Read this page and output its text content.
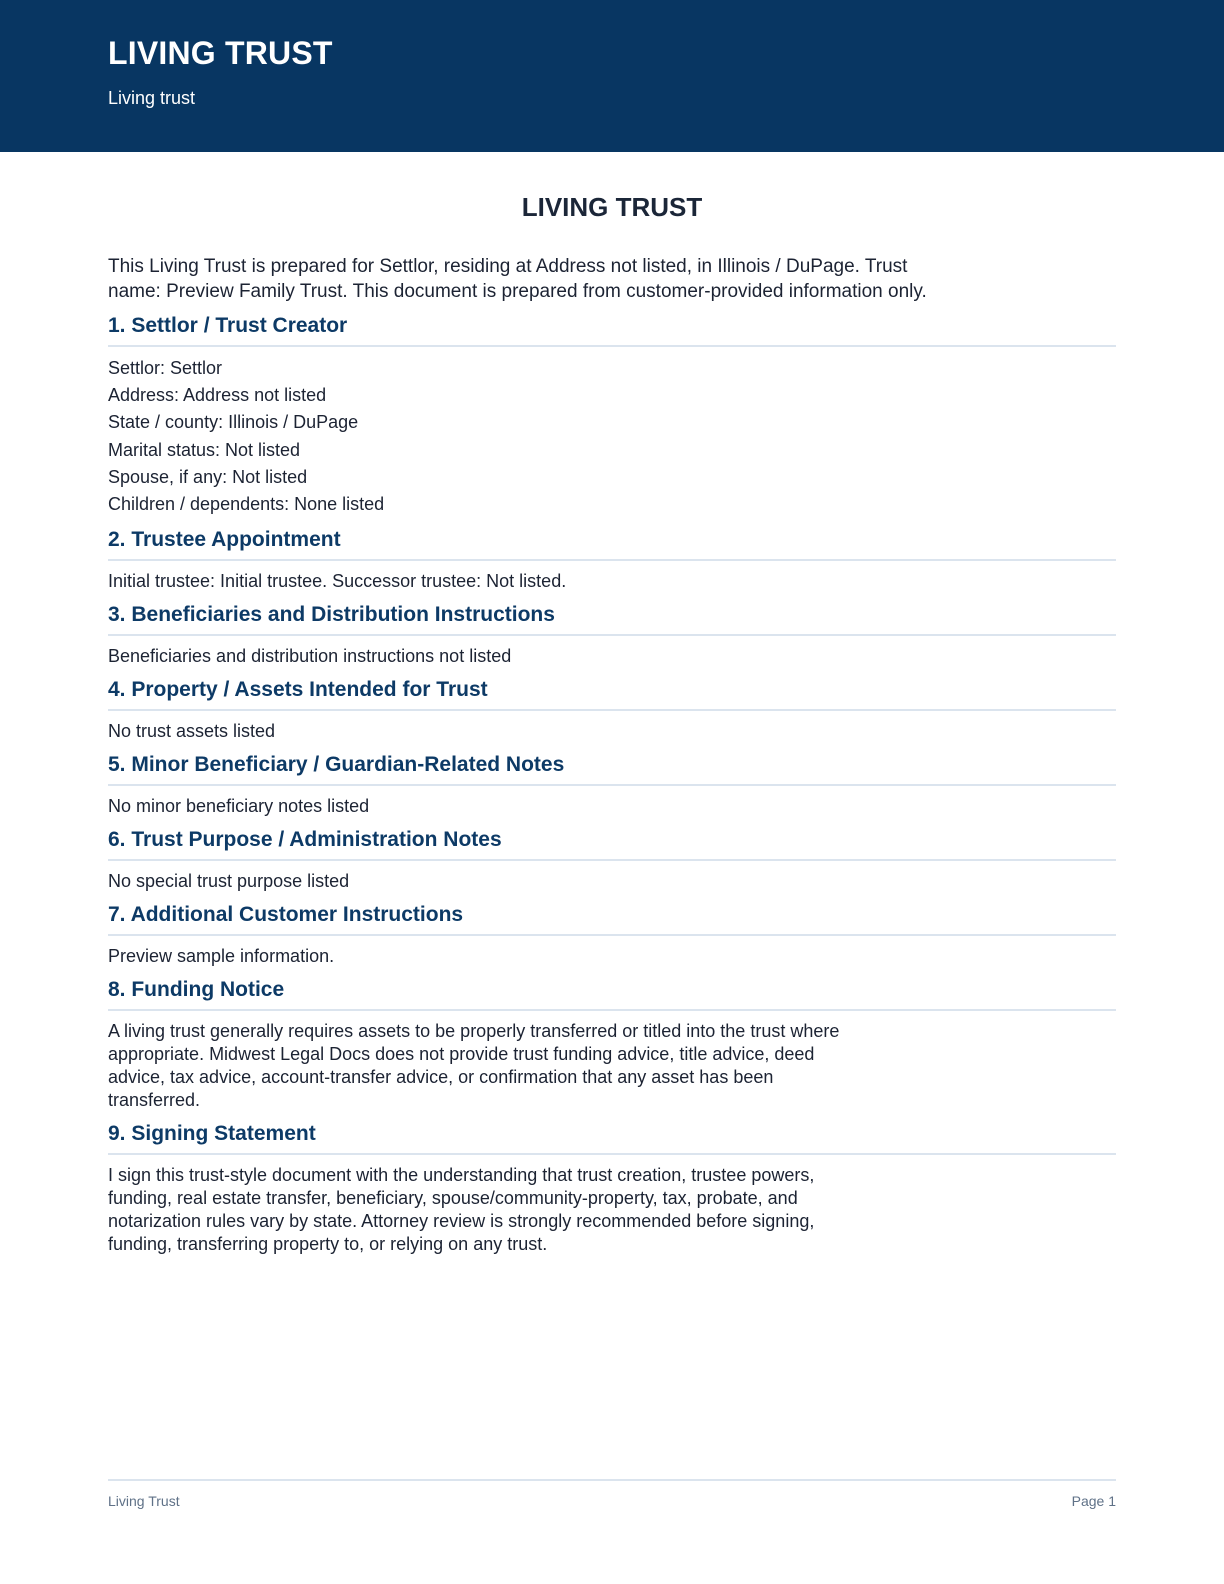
LIVING TRUST
Living trust
LIVING TRUST
This Living Trust is prepared for Settlor, residing at Address not listed, in Illinois / DuPage. Trust name: Preview Family Trust. This document is prepared from customer-provided information only.
1. Settlor / Trust Creator
Settlor: Settlor
Address: Address not listed
State / county: Illinois / DuPage
Marital status: Not listed
Spouse, if any: Not listed
Children / dependents: None listed
2. Trustee Appointment
Initial trustee: Initial trustee. Successor trustee: Not listed.
3. Beneficiaries and Distribution Instructions
Beneficiaries and distribution instructions not listed
4. Property / Assets Intended for Trust
No trust assets listed
5. Minor Beneficiary / Guardian-Related Notes
No minor beneficiary notes listed
6. Trust Purpose / Administration Notes
No special trust purpose listed
7. Additional Customer Instructions
Preview sample information.
8. Funding Notice
A living trust generally requires assets to be properly transferred or titled into the trust where appropriate. Midwest Legal Docs does not provide trust funding advice, title advice, deed advice, tax advice, account-transfer advice, or confirmation that any asset has been transferred.
9. Signing Statement
I sign this trust-style document with the understanding that trust creation, trustee powers, funding, real estate transfer, beneficiary, spouse/community-property, tax, probate, and notarization rules vary by state. Attorney review is strongly recommended before signing, funding, transferring property to, or relying on any trust.
Living Trust	Page 1
